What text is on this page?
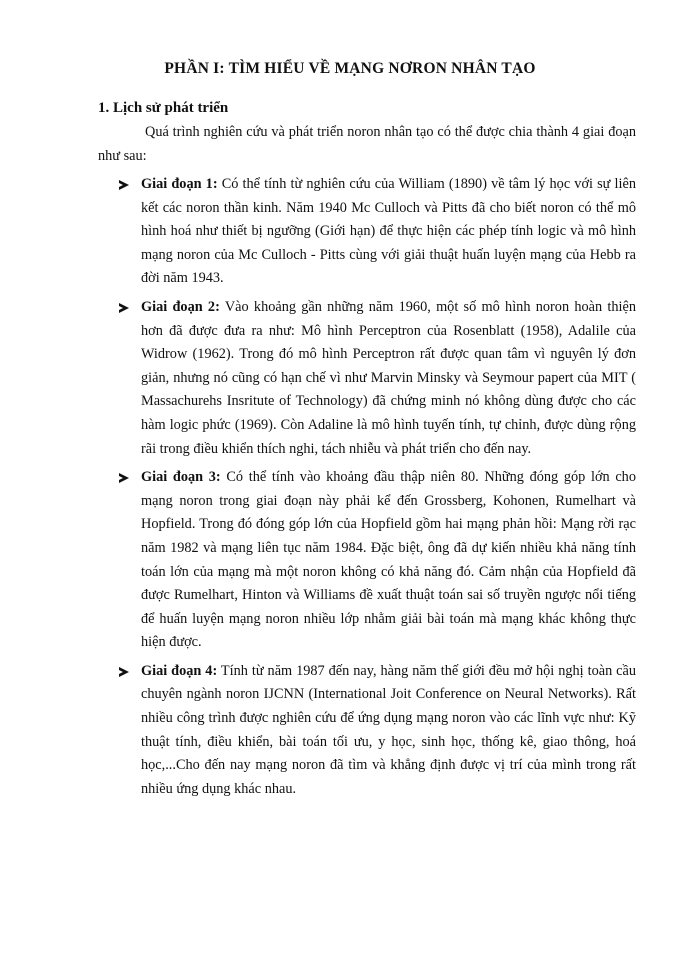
PHẦN I: TÌM HIỂU VỀ MẠNG NƠRON NHÂN TẠO
1. Lịch sử phát triển

Quá trình nghiên cứu và phát triển noron nhân tạo có thể được chia thành 4 giai đoạn như sau:

Giai đoạn 1: Có thể tính từ nghiên cứu của William (1890) về tâm lý học với sự liên kết các noron thần kinh. Năm 1940 Mc Culloch và Pitts đã cho biết noron có thể mô hình hoá như thiết bị ngưỡng (Giới hạn) để thực hiện các phép tính logic và mô hình mạng noron của Mc Culloch - Pitts cùng với giải thuật huấn luyện mạng của Hebb ra đời năm 1943.
Giai đoạn 2: Vào khoảng gần những năm 1960, một số mô hình noron hoàn thiện hơn đã được đưa ra như: Mô hình Perceptron của Rosenblatt (1958), Adalile của Widrow (1962). Trong đó mô hình Perceptron rất được quan tâm vì nguyên lý đơn giản, nhưng nó cũng có hạn chế vì như Marvin Minsky và Seymour papert của MIT ( Massachurehs Insritute of Technology) đã chứng minh nó không dùng được cho các hàm logic phức (1969). Còn Adaline là mô hình tuyến tính, tự chỉnh, được dùng rộng rãi trong điều khiển thích nghi, tách nhiễu và phát triển cho đến nay.
Giai đoạn 3: Có thể tính vào khoảng đầu thập niên 80. Những đóng góp lớn cho mạng noron trong giai đoạn này phải kể đến Grossberg, Kohonen, Rumelhart và Hopfield. Trong đó đóng góp lớn của Hopfield gồm hai mạng phản hồi: Mạng rời rạc năm 1982 và mạng liên tục năm 1984. Đặc biệt, ông đã dự kiến nhiều khả năng tính toán lớn của mạng mà một noron không có khả năng đó. Cảm nhận của Hopfield đã được Rumelhart, Hinton và Williams đề xuất thuật toán sai số truyền ngược nổi tiếng để huấn luyện mạng noron nhiều lớp nhằm giải bài toán mà mạng khác không thực hiện được.
Giai đoạn 4: Tính từ năm 1987 đến nay, hàng năm thế giới đều mở hội nghị toàn cầu chuyên ngành noron IJCNN (International Joit Conference on Neural Networks). Rất nhiều công trình được nghiên cứu để ứng dụng mạng noron vào các lĩnh vực như: Kỹ thuật tính, điều khiển, bài toán tối ưu, y học, sinh học, thống kê, giao thông, hoá học,...Cho đến nay mạng noron đã tìm và khẳng định được vị trí của mình trong rất nhiều ứng dụng khác nhau.
